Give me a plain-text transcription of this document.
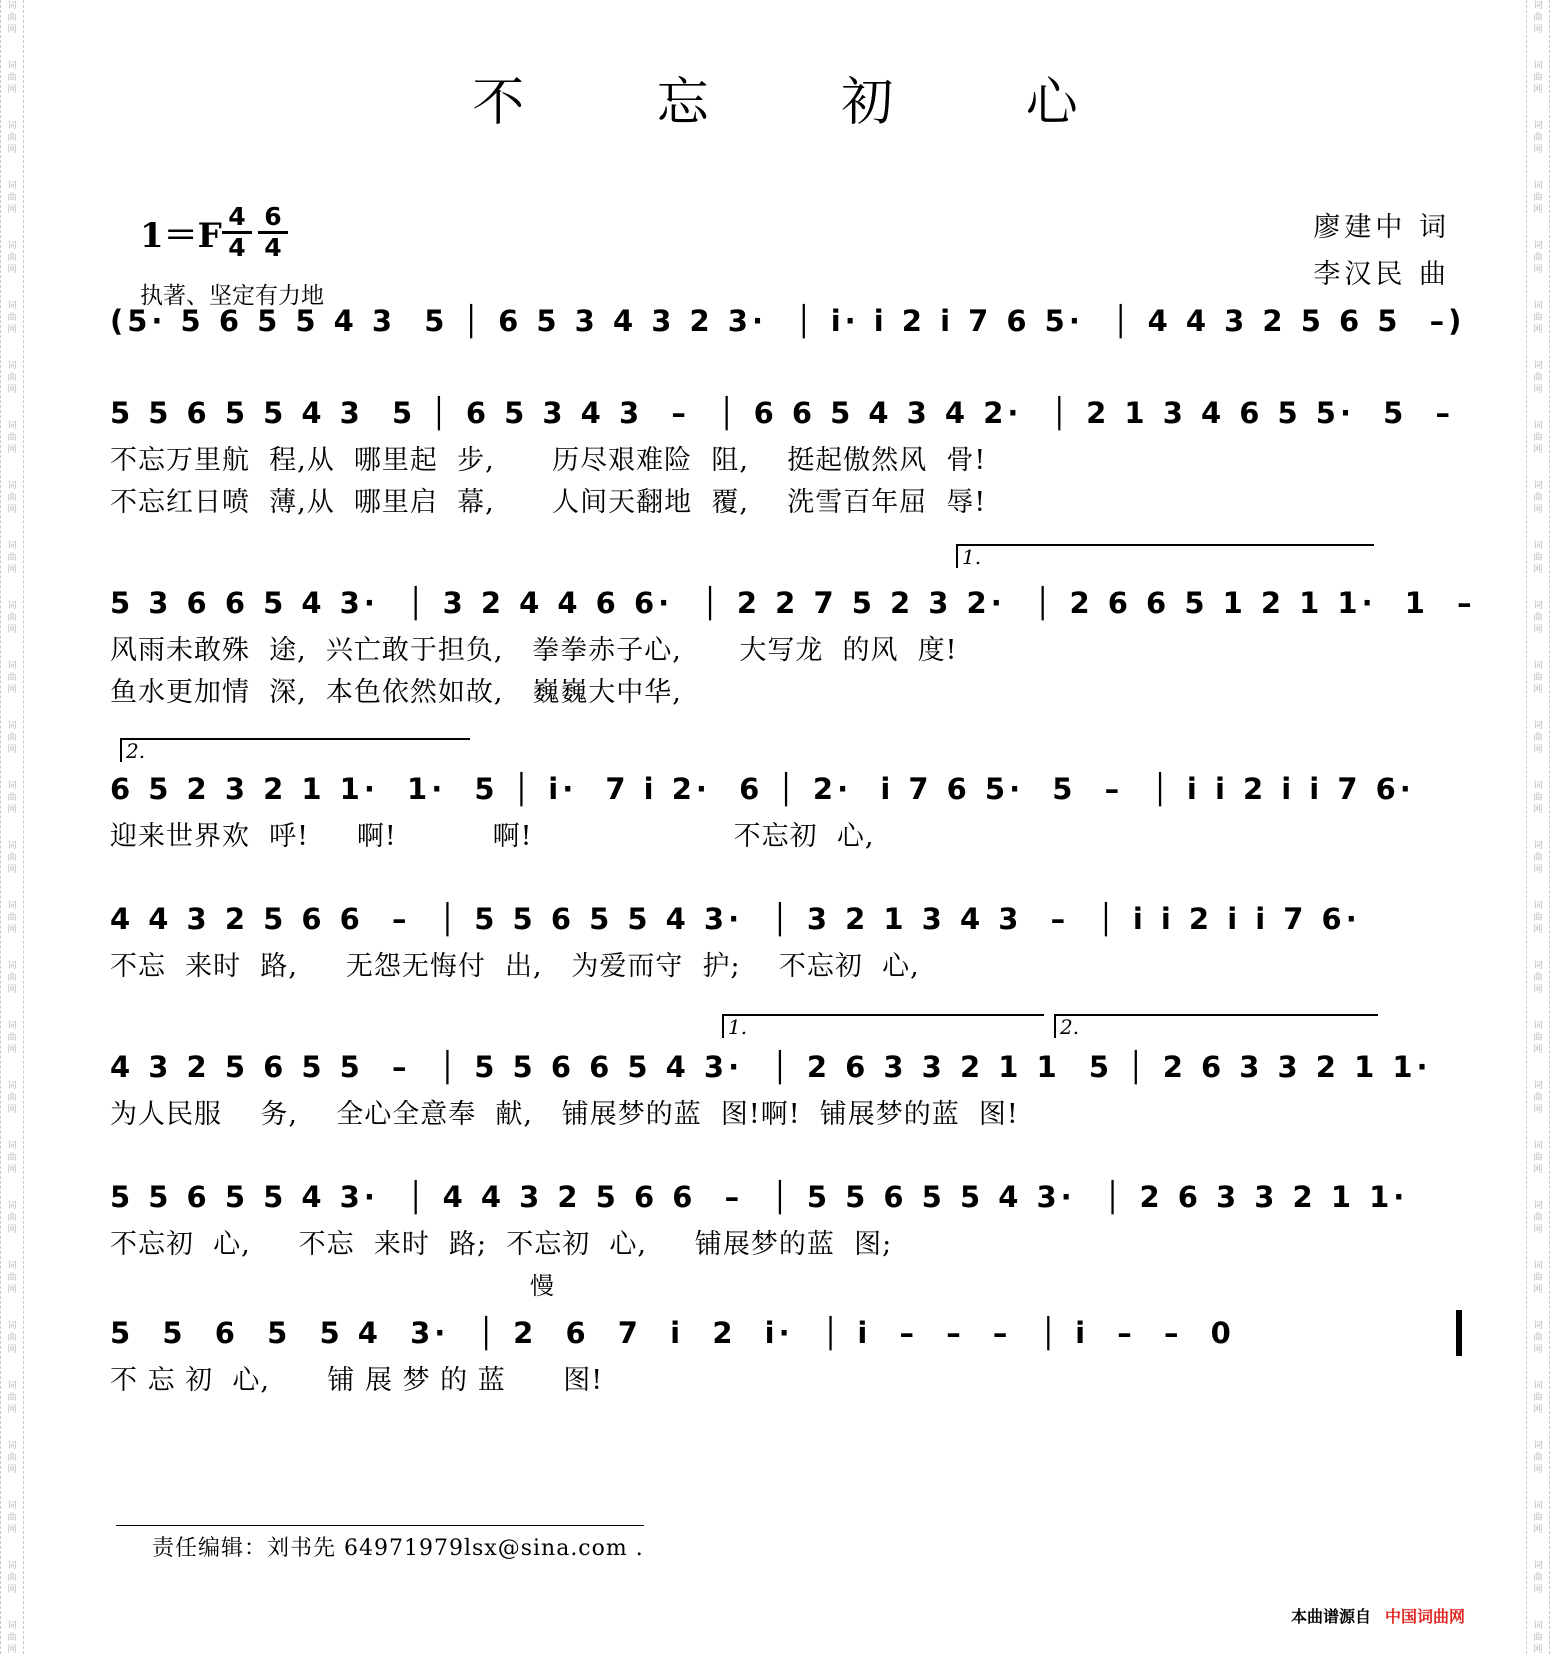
词
曲
网
词
曲
网
词
曲
网
词
曲
网
词
曲
网
词
曲
网
词
曲
网
词
曲
网
词
曲
网
词
曲
网
词
曲
网
词
曲
网
词
曲
网
词
曲
网
词
曲
网
词
曲
网
词
曲
网
词
曲
网
词
曲
网
词
曲
网
词
曲
网
词
曲
网
词
曲
网
词
曲
网
词
曲
网
词
曲
网
词
曲
网
词
曲
网
词
曲
网
词
曲
网
词
曲
网
词
曲
网
词
曲
网
词
曲
网
词
曲
网
词
曲
网
词
曲
网
词
曲
网
词
曲
网
词
曲
网
词
曲
网
词
曲
网
词
曲
网
词
曲
网
词
曲
网
词
曲
网
词
曲
网
词
曲
网
词
曲
网
词
曲
网
词
曲
网
词
曲
网
词
曲
网
词
曲
网
词
曲
网
词
曲
网
不 忘 初 心
$1=F \frac{4}{4} \frac{6}{4}$
执著、坚定有力地
廖建中 词
李汉民 曲
(5· 5 6 5 5 4 3  5 │ 6 5 3 4 3 2 3·  │ i· i 2 i 7 6 5·  │ 4 4 3 2 5 6 5  –)
5 5 6 5 5 4 3  5 │ 6 5 3 4 3  –  │ 6 6 5 4 3 4 2·  │ 2 1 3 4 6 5 5·  5  –
不忘万里航  程,从  哪里起  步,      历尽艰难险  阻,    挺起傲然风  骨!
不忘红日喷  薄,从  哪里启  幕,      人间天翻地  覆,    洗雪百年屈  辱!
1.
5 3 6 6 5 4 3·  │ 3 2 4 4 6 6·  │ 2 2 7 5 2 3 2·  │ 2 6 6 5 1 2 1 1·  1  –
风雨未敢殊  途,  兴亡敢于担负,   拳拳赤子心,      大写龙  的风  度!
鱼水更加情  深,  本色依然如故,   巍巍大中华,
2.
6 5 2 3 2 1 1·  1·  5 │ i·  7 i 2·  6 │ 2·  i 7 6 5·  5  –  │ i i 2 i i 7 6·
迎来世界欢  呼!     啊!          啊!                     不忘初  心,
4 4 3 2 5 6 6  –  │ 5 5 6 5 5 4 3·  │ 3 2 1 3 4 3  –  │ i i 2 i i 7 6·
不忘  来时  路,     无怨无悔付  出,   为爱而守  护;    不忘初  心,
1.	2.
4 3 2 5 6 5 5  –  │ 5 5 6 6 5 4 3·  │ 2 6 3 3 2 1 1  5 │ 2 6 3 3 2 1 1·
为人民服    务,    全心全意奉  献,   铺展梦的蓝  图!啊!  铺展梦的蓝  图!
5 5 6 5 5 4 3·  │ 4 4 3 2 5 6 6  –  │ 5 5 6 5 5 4 3·  │ 2 6 3 3 2 1 1·
不忘初  心,     不忘  来时  路;  不忘初  心,     铺展梦的蓝  图;
慢
5  5  6  5  5 4  3·  │ 2  6  7  i  2  i·  │ i  –  –  –  │ i  –  –  0
不 忘 初  心,      铺 展 梦 的 蓝      图!
责任编辑：刘书先 64971979lsx@sina.com .
本曲谱源自 中国词曲网
